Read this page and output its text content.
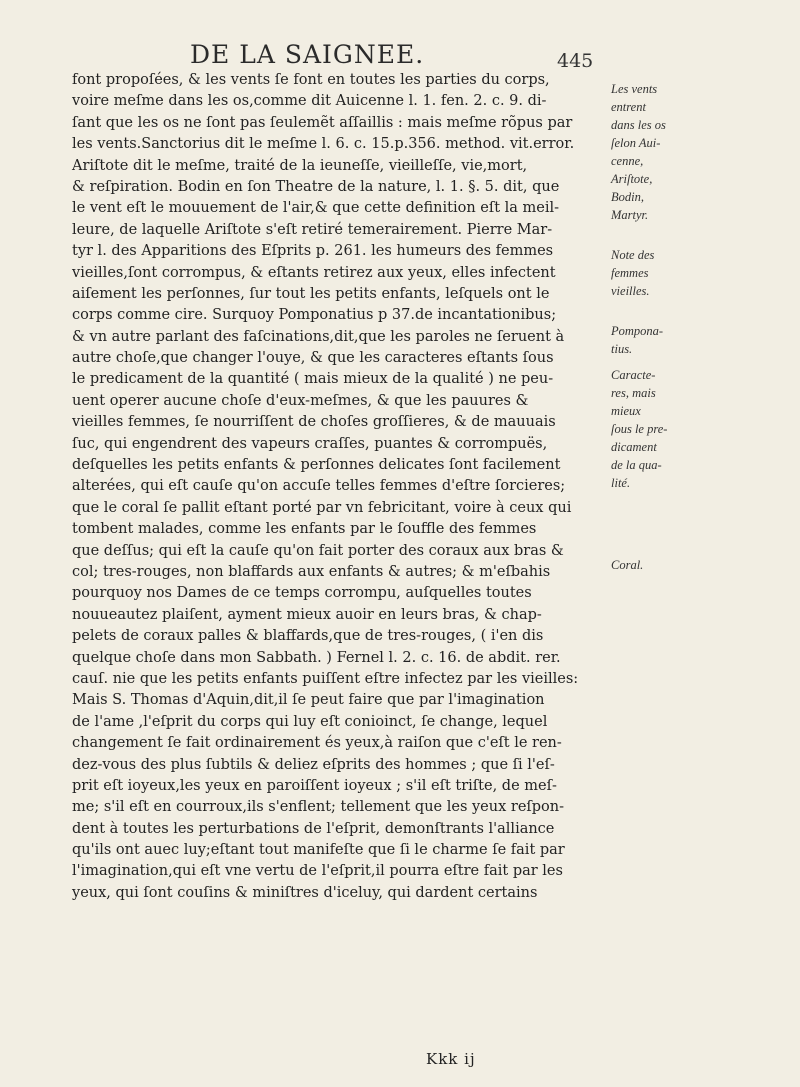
DE LA SAIGNEE.	445
font propoſées, & les vents ſe font en toutes les parties du corps,
voire meſme dans les os,comme dit Auicenne l. 1. fen. 2. c. 9. di-
ſant que les os ne ſont pas ſeulemẽt aſſaillis : mais meſme rõpus par
les vents.Sanctorius dit le meſme l. 6. c. 15.p.356. method. vit.error.
Ariſtote dit le meſme, traité de la ieuneſſe, vieilleſſe, vie,mort,
& reſpiration. Bodin en ſon Theatre de la nature, l. 1. §. 5. dit, que
le vent eſt le mouuement de l'air,& que cette definition eſt la meil-
leure, de laquelle Ariſtote s'eſt retiré temerairement. Pierre Mar-
tyr l. des Apparitions des Eſprits p. 261. les humeurs des femmes
vieilles,ſont corrompus, & eſtants retirez aux yeux, elles infectent
aiſement les perſonnes, ſur tout les petits enfants, leſquels ont le
corps comme cire. Surquoy Pomponatius p 37.de incantationibus;
& vn autre parlant des faſcinations,dit,que les paroles ne ſeruent à
autre choſe,que changer l'ouye, & que les caracteres eſtants ſous
le predicament de la quantité ( mais mieux de la qualité ) ne peu-
uent operer aucune choſe d'eux-meſmes, & que les pauures &
vieilles femmes, ſe nourriſſent de choſes groſſieres, & de mauuais
ſuc, qui engendrent des vapeurs craſſes, puantes & corrompuës,
deſquelles les petits enfants & perſonnes delicates ſont facilement
alterées, qui eſt cauſe qu'on accuſe telles femmes d'eſtre ſorcieres;
que le coral ſe pallit eſtant porté par vn febricitant, voire à ceux qui
tombent malades, comme les enfants par le ſouffle des femmes
que deſſus; qui eſt la cauſe qu'on fait porter des coraux aux bras &
col; tres-rouges, non blaffards aux enfants & autres; & m'eſbahis
pourquoy nos Dames de ce temps corrompu, auſquelles toutes
nouueautez plaiſent, ayment mieux auoir en leurs bras, & chap-
pelets de coraux palles & blaffards,que de tres-rouges, ( i'en dis
quelque choſe dans mon Sabbath. ) Fernel l. 2. c. 16. de abdit. rer.
cauſ. nie que les petits enfants puiſſent eſtre infectez par les vieilles:
Mais S. Thomas d'Aquin,dit,il ſe peut faire que par l'imagination
de l'ame ,l'eſprit du corps qui luy eſt conioinct, ſe change, lequel
changement ſe fait ordinairement és yeux,à raiſon que c'eſt le ren-
dez-vous des plus ſubtils & deliez eſprits des hommes ; que ſi l'eſ-
prit eſt ioyeux,les yeux en paroiſſent ioyeux ; s'il eſt triſte, de meſ-
me; s'il eſt en courroux,ils s'enflent; tellement que les yeux reſpon-
dent à toutes les perturbations de l'eſprit, demonſtrants l'alliance
qu'ils ont auec luy;eſtant tout manifeſte que ſi le charme ſe fait par
l'imagination,qui eſt vne vertu de l'eſprit,il pourra eſtre fait par les
yeux, qui ſont couſins & miniſtres d'iceluy, qui dardent certains
Les vents
entrent
dans les os
ſelon Aui-
cenne,
Ariſtote,
Bodin,
Martyr.
Note des
femmes
vieilles.
Pompona-
tius.
Caracte-
res, mais
mieux
ſous le pre-
dicament
de la qua-
lité.
Coral.
Kkk ij
